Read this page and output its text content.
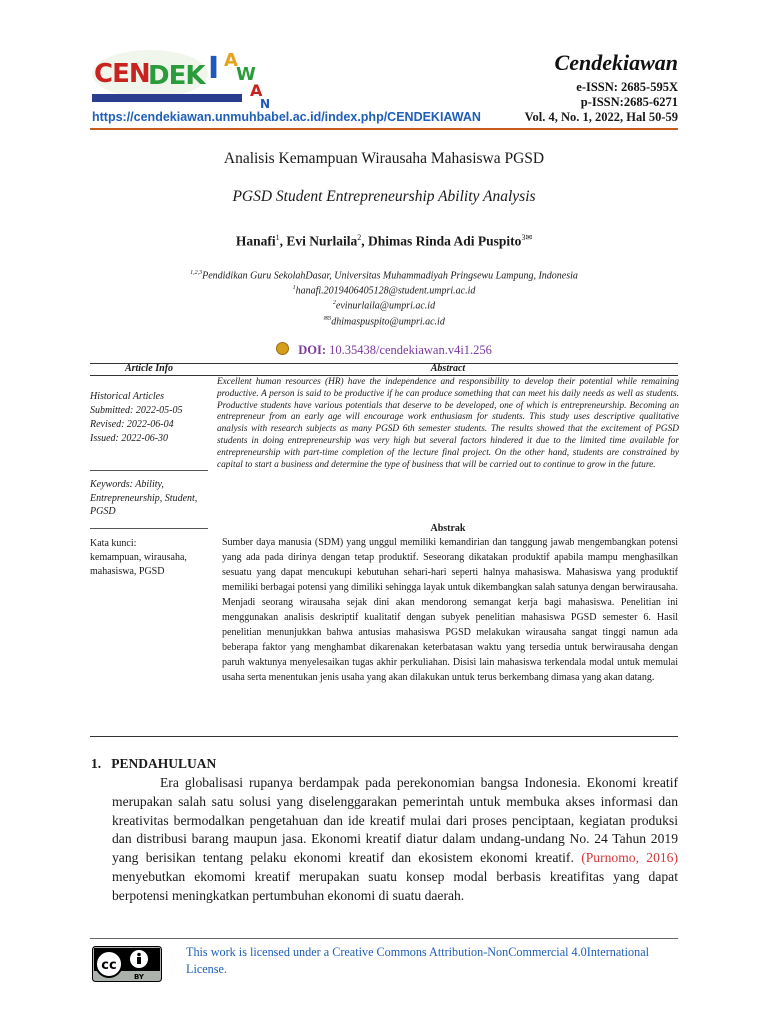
CEN
DEK I A
W
A
N
Cendekiawan
e-ISSN: 2685-595X
p-ISSN:2685-6271
https://cendekiawan.unmuhbabel.ac.id/index.php/CENDEKIAWAN	Vol. 4, No. 1, 2022, Hal 50-59
Analisis Kemampuan Wirausaha Mahasiswa PGSD
PGSD Student Entrepreneurship Ability Analysis
Hanafi$^1$, Evi Nurlaila$^2$, Dhimas Rinda Adi Puspito$^{3✉}$
$^{1,2,3}$Pendidikan Guru SekolahDasar, Universitas Muhammadiyah Pringsewu Lampung, Indonesia
$^1$hanafi.2019406405128@student.umpri.ac.id
$^2$evinurlaila@umpri.ac.id
$^{✉3}$dhimaspuspito@umpri.ac.id
DOI: 10.35438/cendekiawan.v4i1.256
Article Info	Abstract
Historical Articles
Submitted: 2022-05-05
Revised: 2022-06-04
Issued: 2022-06-30
Keywords: Ability, Entrepreneurship, Student, PGSD
Kata kunci:
kemampuan, wirausaha, mahasiswa, PGSD
Excellent human resources (HR) have the independence and responsibility to develop their potential while remaining productive. A person is said to be productive if he can produce something that can meet his daily needs as well as students. Productive students have various potentials that deserve to be developed, one of which is entrepreneurship. Becoming an entrepreneur from an early age will encourage work enthusiasm for students. This study uses descriptive qualitative analysis with research subjects as many PGSD 6th semester students. The results showed that the excitement of PGSD students in doing entrepreneurship was very high but several factors hindered it due to the limited time available for entrepreneurship with part-time completion of the lecture final project. On the other hand, students are constrained by capital to start a business and determine the type of business that will be carried out to continue to grow in the future.
Abstrak
Sumber daya manusia (SDM) yang unggul memiliki kemandirian dan tanggung jawab mengembangkan potensi yang ada pada dirinya dengan tetap produktif. Seseorang dikatakan produktif apabila mampu menghasilkan sesuatu yang dapat mencukupi kebutuhan sehari-hari seperti halnya mahasiswa. Mahasiswa yang produktif memiliki berbagai potensi yang dimiliki sehingga layak untuk dikembangkan salah satunya dengan berwirausaha. Menjadi seorang wirausaha sejak dini akan mendorong semangat kerja bagi mahasiswa. Penelitian ini menggunakan analisis deskriptif kualitatif dengan subyek penelitian mahasiswa PGSD semester 6. Hasil penelitian menunjukkan bahwa antusias mahasiswa PGSD melakukan wirausaha sangat tinggi namun ada beberapa faktor yang menghambat dikarenakan keterbatasan waktu yang tersedia untuk berwirausaha dengan paruh waktunya menyelesaikan tugas akhir perkuliahan. Disisi lain mahasiswa terkendala modal untuk memulai usaha serta menentukan jenis usaha yang akan dilakukan untuk terus berkembang dimasa yang akan datang.
1.   PENDAHULUAN
Era globalisasi rupanya berdampak pada perekonomian bangsa Indonesia. Ekonomi kreatif merupakan salah satu solusi yang diselenggarakan pemerintah untuk membuka akses informasi dan kreativitas bermodalkan pengetahuan dan ide kreatif mulai dari proses penciptaan, kegiatan produksi dan distribusi barang maupun jasa. Ekonomi kreatif diatur dalam undang-undang No. 24 Tahun 2019 yang berisikan tentang pelaku ekonomi kreatif dan ekosistem ekonomi kreatif. (Purnomo, 2016) menyebutkan ekomomi kreatif merupakan suatu konsep modal berbasis kreatifitas yang dapat berpotensi meningkatkan pertumbuhan ekonomi di suatu daerah.
cc
BY
This work is licensed under a Creative Commons Attribution-NonCommercial 4.0International License.
